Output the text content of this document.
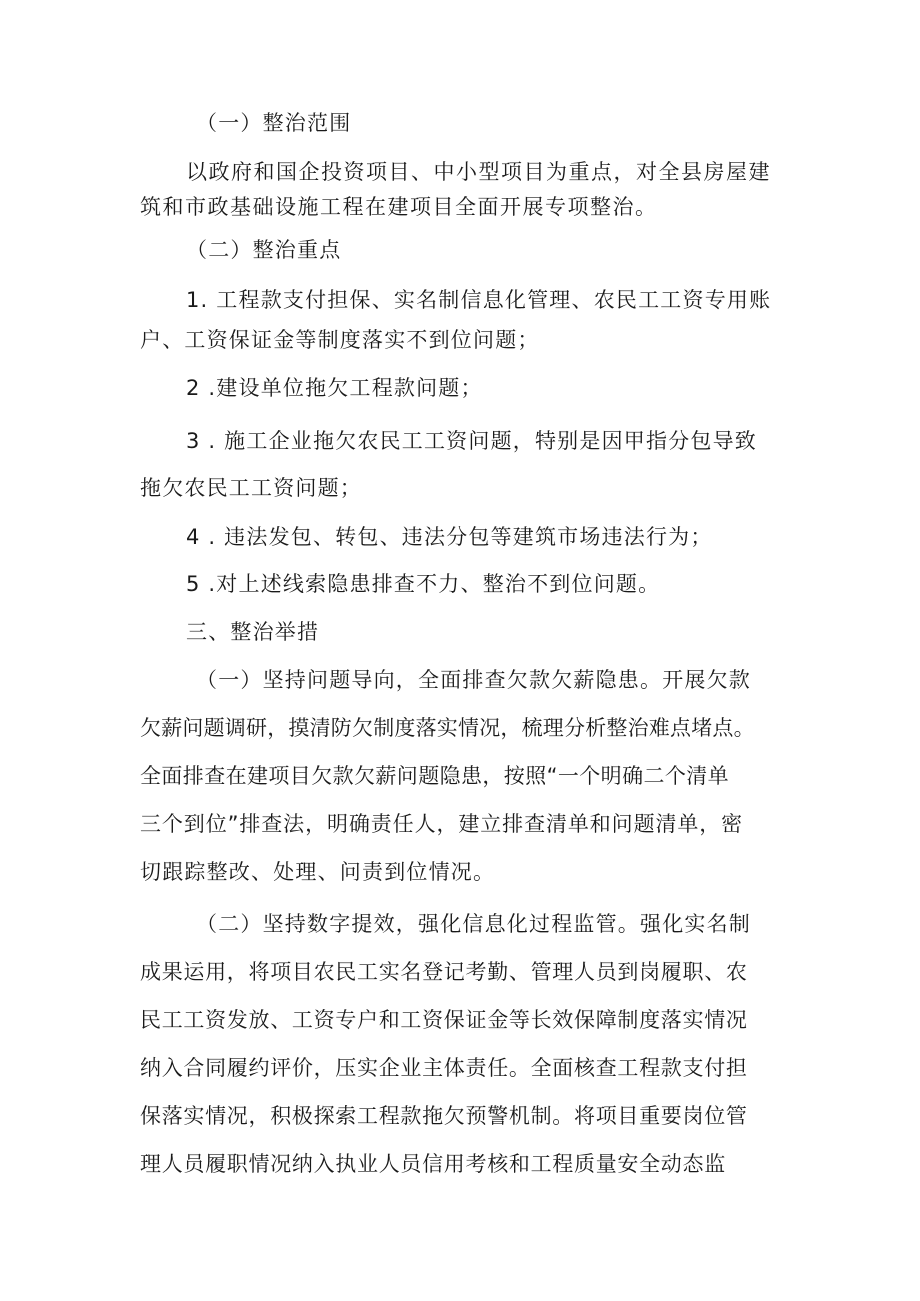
（一）整治范围

以政府和国企投资项目、中小型项目为重点，对全县房屋建

筑和市政基础设施工程在建项目全面开展专项整治。

（二）整治重点

1. 工程款支付担保、实名制信息化管理、农民工工资专用账

户、工资保证金等制度落实不到位问题；

2 .建设单位拖欠工程款问题；

3 . 施工企业拖欠农民工工资问题，特别是因甲指分包导致

拖欠农民工工资问题；

4 . 违法发包、转包、违法分包等建筑市场违法行为；

5 .对上述线索隐患排查不力、整治不到位问题。

三、整治举措

（一）坚持问题导向，全面排查欠款欠薪隐患。开展欠款

欠薪问题调研，摸清防欠制度落实情况，梳理分析整治难点堵点。

全面排查在建项目欠款欠薪问题隐患，按照“一个明确二个清单

三个到位”排查法，明确责任人，建立排查清单和问题清单，密

切跟踪整改、处理、问责到位情况。

（二）坚持数字提效，强化信息化过程监管。强化实名制

成果运用，将项目农民工实名登记考勤、管理人员到岗履职、农

民工工资发放、工资专户和工资保证金等长效保障制度落实情况

纳入合同履约评价，压实企业主体责任。全面核查工程款支付担

保落实情况，积极探索工程款拖欠预警机制。将项目重要岗位管

理人员履职情况纳入执业人员信用考核和工程质量安全动态监
